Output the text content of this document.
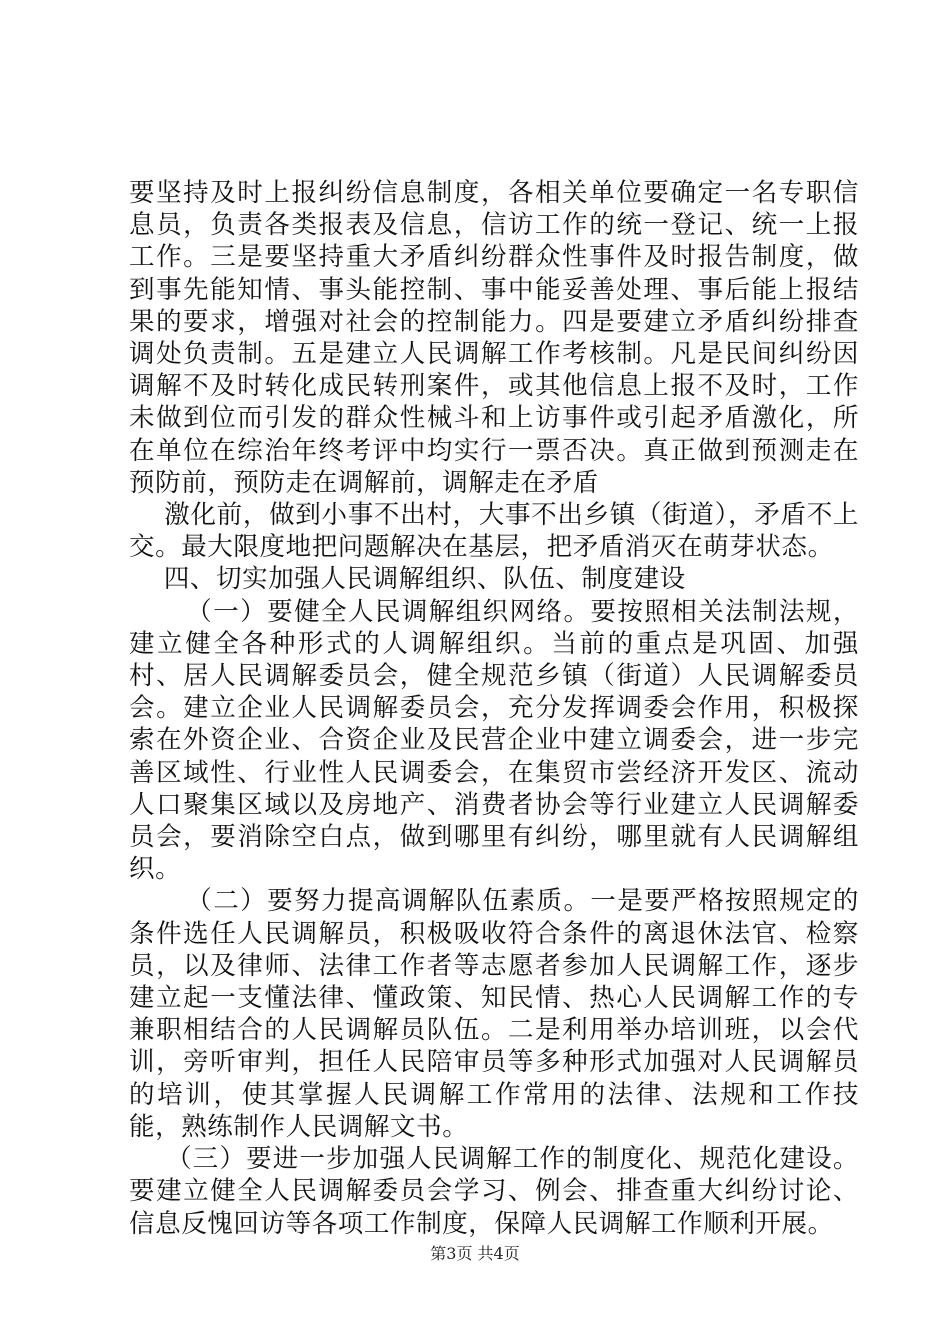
要坚持及时上报纠纷信息制度，各相关单位要确定一名专职信息员，负责各类报表及信息，信访工作的统一登记、统一上报工作。三是要坚持重大矛盾纠纷群众性事件及时报告制度，做到事先能知情、事头能控制、事中能妥善处理、事后能上报结果的要求，增强对社会的控制能力。四是要建立矛盾纠纷排查调处负责制。五是建立人民调解工作考核制。凡是民间纠纷因调解不及时转化成民转刑案件，或其他信息上报不及时，工作未做到位而引发的群众性械斗和上访事件或引起矛盾激化，所在单位在综治年终考评中均实行一票否决。真正做到预测走在预防前，预防走在调解前，调解走在矛盾

激化前，做到小事不出村，大事不出乡镇（街道），矛盾不上交。最大限度地把问题解决在基层，把矛盾消灭在萌芽状态。

四、切实加强人民调解组织、队伍、制度建设

（一）要健全人民调解组织网络。要按照相关法制法规，建立健全各种形式的人调解组织。当前的重点是巩固、加强村、居人民调解委员会，健全规范乡镇（街道）人民调解委员会。建立企业人民调解委员会，充分发挥调委会作用，积极探索在外资企业、合资企业及民营企业中建立调委会，进一步完善区域性、行业性人民调委会，在集贸市尝经济开发区、流动人口聚集区域以及房地产、消费者协会等行业建立人民调解委员会，要消除空白点，做到哪里有纠纷，哪里就有人民调解组织。

（二）要努力提高调解队伍素质。一是要严格按照规定的条件选任人民调解员，积极吸收符合条件的离退休法官、检察员，以及律师、法律工作者等志愿者参加人民调解工作，逐步建立起一支懂法律、懂政策、知民情、热心人民调解工作的专兼职相结合的人民调解员队伍。二是利用举办培训班，以会代训，旁听审判，担任人民陪审员等多种形式加强对人民调解员的培训，使其掌握人民调解工作常用的法律、法规和工作技能，熟练制作人民调解文书。

（三）要进一步加强人民调解工作的制度化、规范化建设。要建立健全人民调解委员会学习、例会、排查重大纠纷讨论、信息反愧回访等各项工作制度，保障人民调解工作顺利开展。

第3页 共4页
